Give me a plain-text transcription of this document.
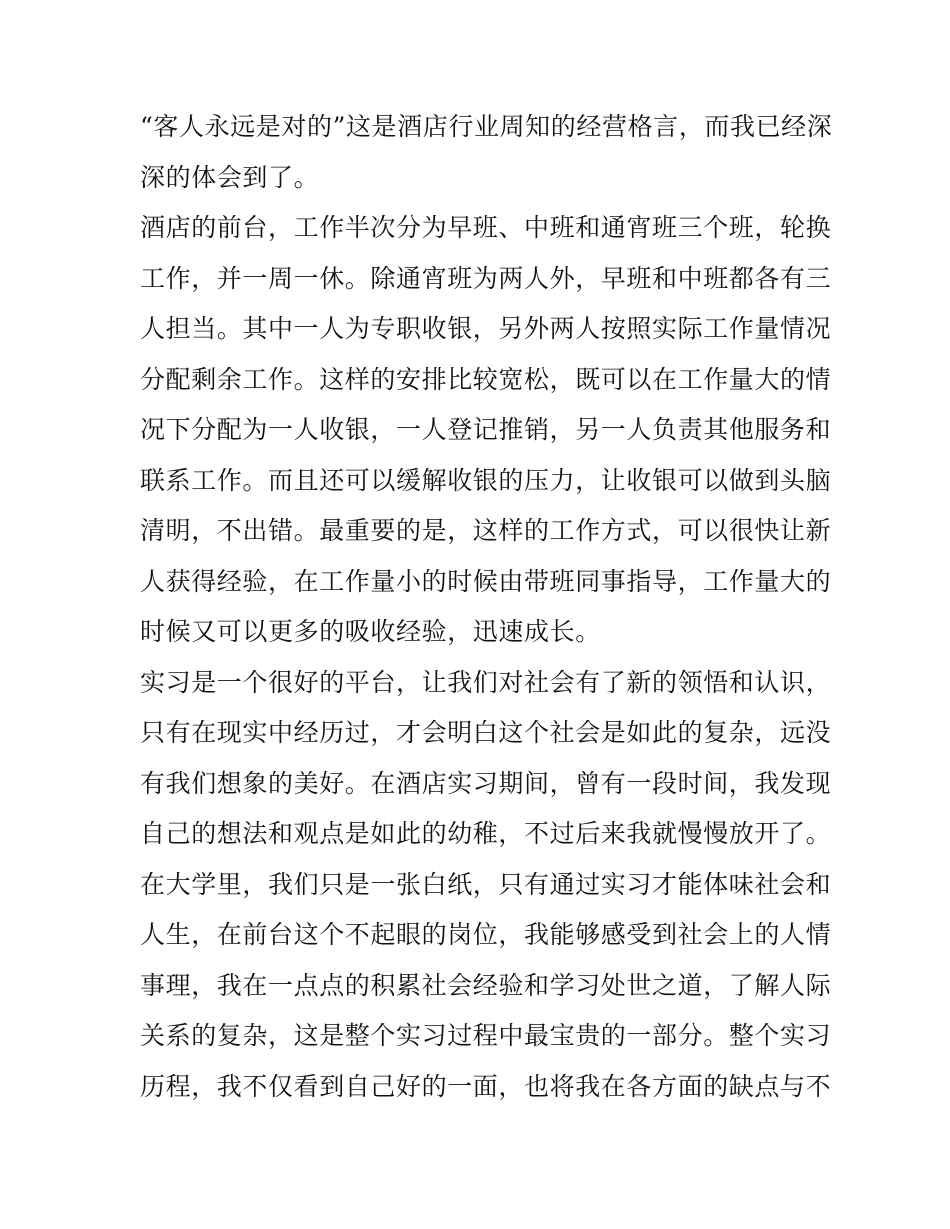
“客人永远是对的”这是酒店行业周知的经营格言，而我已经深
深的体会到了。
酒店的前台，工作半次分为早班、中班和通宵班三个班，轮换
工作，并一周一休。除通宵班为两人外，早班和中班都各有三
人担当。其中一人为专职收银，另外两人按照实际工作量情况
分配剩余工作。这样的安排比较宽松，既可以在工作量大的情
况下分配为一人收银，一人登记推销，另一人负责其他服务和
联系工作。而且还可以缓解收银的压力，让收银可以做到头脑
清明，不出错。最重要的是，这样的工作方式，可以很快让新
人获得经验，在工作量小的时候由带班同事指导，工作量大的
时候又可以更多的吸收经验，迅速成长。
实习是一个很好的平台，让我们对社会有了新的领悟和认识，
只有在现实中经历过，才会明白这个社会是如此的复杂，远没
有我们想象的美好。在酒店实习期间，曾有一段时间，我发现
自己的想法和观点是如此的幼稚，不过后来我就慢慢放开了。
在大学里，我们只是一张白纸，只有通过实习才能体味社会和
人生，在前台这个不起眼的岗位，我能够感受到社会上的人情
事理，我在一点点的积累社会经验和学习处世之道，了解人际
关系的复杂，这是整个实习过程中最宝贵的一部分。整个实习
历程，我不仅看到自己好的一面，也将我在各方面的缺点与不
